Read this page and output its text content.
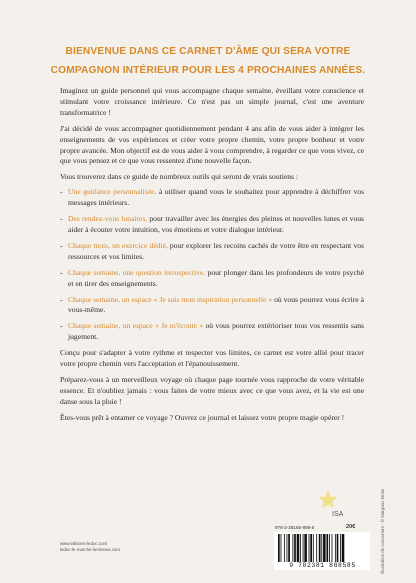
BIENVENUE DANS CE CARNET D'ÂME QUI SERA VOTRE COMPAGNON INTÉRIEUR POUR LES 4 PROCHAINES ANNÉES.

Imaginez un guide personnel qui vous accompagne chaque semaine, éveillant votre conscience et stimulant votre croissance intérieure. Ce n'est pas un simple journal, c'est une aventure transformatrice !

J'ai décidé de vous accompagner quotidiennement pendant 4 ans afin de vous aider à intégrer les enseignements de vos expériences et créer votre propre chemin, votre propre bonheur et votre propre avancée. Mon objectif est de vous aider à vous comprendre, à regarder ce que vous vivez, ce que vous pensez et ce que vous ressentez d'une nouvelle façon.

Vous trouverez dans ce guide de nombreux outils qui seront de vrais soutiens :

- Une guidance personnalisée, à utiliser quand vous le souhaitez pour apprendre à déchiffrer vos messages intérieurs.
- Des rendez-vous lunaires, pour travailler avec les énergies des pleines et nouvelles lunes et vous aider à écouter votre intuition, vos émotions et votre dialogue intérieur.
- Chaque mois, un exercice dédié, pour explorer les recoins cachés de votre être en respectant vos ressources et vos limites.
- Chaque semaine, une question introspective, pour plonger dans les profondeurs de votre psyché et en tirer des enseignements.
- Chaque semaine, un espace « Je suis mon inspiration personnelle » où vous pourrez vous écrire à vous-même.
- Chaque semaine, un espace « Je m'écoute » où vous pourrez extérioriser tous vos ressentis sans jugement.

Conçu pour s'adapter à votre rythme et respecter vos limites, ce carnet est votre allié pour tracer votre propre chemin vers l'acceptation et l'épanouissement.

Préparez-vous à un merveilleux voyage où chaque page tournée vous rapproche de votre véritable essence. Et n'oubliez jamais : vous faites de votre mieux avec ce que vous avez, et la vie est une danse sous la pluie !

Êtes-vous prêt à entamer ce voyage ? Ouvrez ce journal et laissez votre propre magie opérer !

ISA
www.editions-leduc.com
leduc-le-marche-lumineux.com
978-2-38165-898-5	20€
9 782381 888585	Illustration de couverture : © Margaux Motin
